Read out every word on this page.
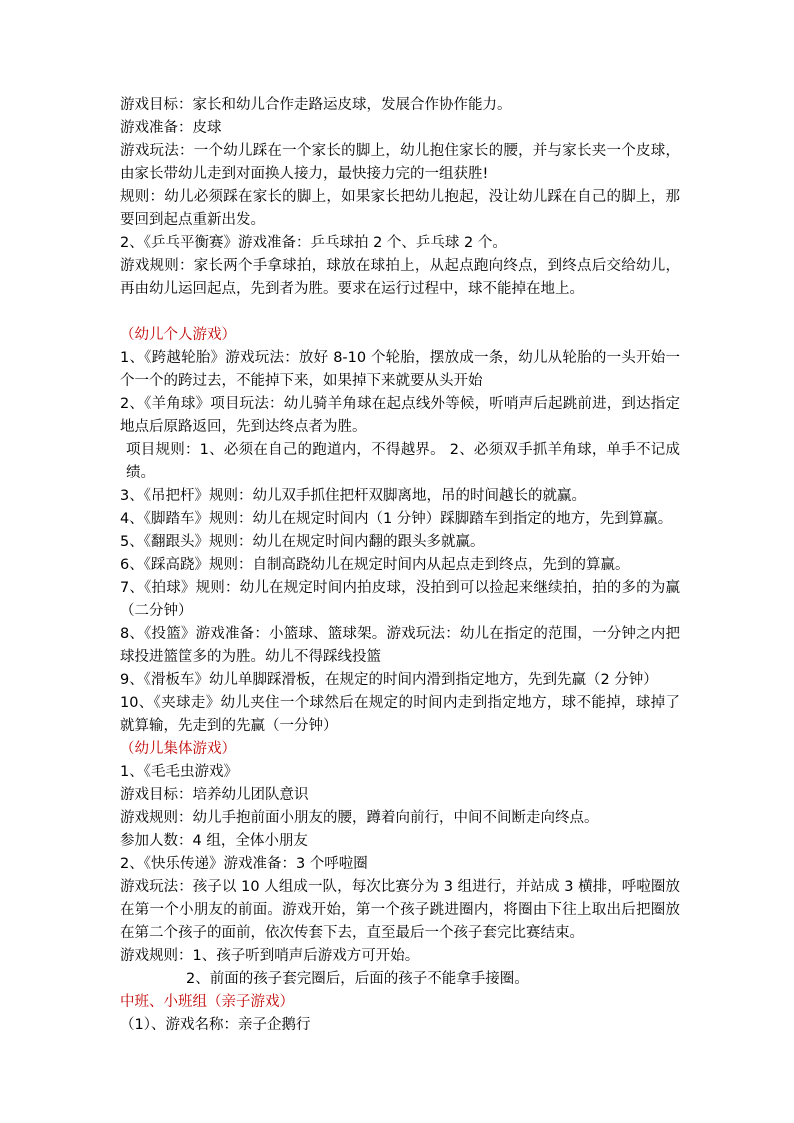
游戏目标：家长和幼儿合作走路运皮球，发展合作协作能力。

游戏准备：皮球

游戏玩法：一个幼儿踩在一个家长的脚上，幼儿抱住家长的腰，并与家长夹一个皮球，由家长带幼儿走到对面换人接力，最快接力完的一组获胜!

规则：幼儿必须踩在家长的脚上，如果家长把幼儿抱起，没让幼儿踩在自己的脚上，那要回到起点重新出发。

2、《乒乓平衡赛》游戏准备：乒乓球拍 2 个、乒乓球 2 个。

游戏规则：家长两个手拿球拍，球放在球拍上，从起点跑向终点，到终点后交给幼儿，再由幼儿运回起点，先到者为胜。要求在运行过程中，球不能掉在地上。

（幼儿个人游戏）

1、《跨越轮胎》游戏玩法：放好 8-10 个轮胎，摆放成一条，幼儿从轮胎的一头开始一个一个的跨过去，不能掉下来，如果掉下来就要从头开始

2、《羊角球》项目玩法：幼儿骑羊角球在起点线外等候，听哨声后起跳前进，到达指定地点后原路返回，先到达终点者为胜。

项目规则：1、必须在自己的跑道内，不得越界。 2、必须双手抓羊角球，单手不记成绩。

3、《吊把杆》规则：幼儿双手抓住把杆双脚离地，吊的时间越长的就赢。

4、《脚踏车》规则：幼儿在规定时间内（1 分钟）踩脚踏车到指定的地方，先到算赢。

5、《翻跟头》规则：幼儿在规定时间内翻的跟头多就赢。

6、《踩高跷》规则：自制高跷幼儿在规定时间内从起点走到终点，先到的算赢。

7、《拍球》规则：幼儿在规定时间内拍皮球，没拍到可以捡起来继续拍，拍的多的为赢（二分钟）

8、《投篮》游戏准备：小篮球、篮球架。游戏玩法：幼儿在指定的范围，一分钟之内把球投进篮筐多的为胜。幼儿不得踩线投篮

9、《滑板车》幼儿单脚踩滑板，在规定的时间内滑到指定地方，先到先赢（2 分钟）

10、《夹球走》幼儿夹住一个球然后在规定的时间内走到指定地方，球不能掉，球掉了就算输，先走到的先赢（一分钟）

（幼儿集体游戏）

1、《毛毛虫游戏》

游戏目标：培养幼儿团队意识

游戏规则：幼儿手抱前面小朋友的腰，蹲着向前行，中间不间断走向终点。

参加人数：4 组，全体小朋友

2、《快乐传递》游戏准备：3 个呼啦圈

游戏玩法：孩子以 10 人组成一队，每次比赛分为 3 组进行，并站成 3 横排，呼啦圈放在第一个小朋友的前面。游戏开始，第一个孩子跳进圈内，将圈由下往上取出后把圈放在第二个孩子的面前，依次传套下去，直至最后一个孩子套完比赛结束。

游戏规则：1、孩子听到哨声后游戏方可开始。

2、前面的孩子套完圈后，后面的孩子不能拿手接圈。

中班、小班组（亲子游戏）

（1）、游戏名称：亲子企鹅行
